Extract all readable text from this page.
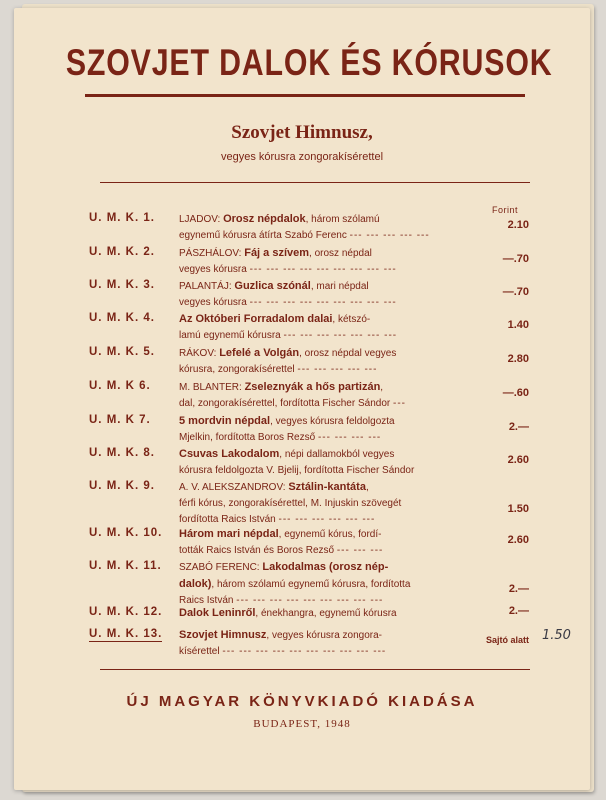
SZOVJET DALOK ÉS KÓRUSOK
Szovjet Himnusz,
vegyes kórusra zongorakísérettel
Forint
U. M. K. 1. LJADOV: Orosz népdalok, három szólamú
egynemű kórusra átírta Szabó Ferenc --- --- --- --- ---
2.10
U. M. K. 2. PÁSZHÁLOV: Fáj a szívem, orosz népdal
vegyes kórusra --- --- --- --- --- --- --- --- ---
—.70
U. M. K. 3. PALANTÁJ: Guzlica szónál, mari népdal
vegyes kórusra --- --- --- --- --- --- --- --- ---
—.70
U. M. K. 4. Az Októberi Forradalom dalai, kétszó-
lamú egynemű kórusra --- --- --- --- --- --- ---
1.40
U. M. K. 5. RÁKOV: Lefelé a Volgán, orosz népdal vegyes
kórusra, zongorakísérettel --- --- --- --- ---
2.80
U. M. K 6.	M. BLANTER: Zseleznyák a hős partizán,
dal, zongorakísérettel, fordította Fischer Sándor ---
—.60
U. M. K 7.	5 mordvin népdal, vegyes kórusra feldolgozta
Mjelkin, fordította Boros Rezső --- --- --- ---
2.—
U. M. K. 8. Csuvas Lakodalom, népi dallamokból vegyes
kórusra feldolgozta V. Bjelij, fordította Fischer Sándor
2.60
U. M. K. 9. A. V. ALEKSZANDROV: Sztálin-kantáta,
férfi kórus, zongorakísérettel, M. Injuskin szövegét
fordította Raics István --- --- --- --- --- ---
1.50
U. M. K. 10. Három mari népdal, egynemű kórus, fordí-
tották Raics István és Boros Rezső --- --- ---
2.60
U. M. K. 11. SZABÓ FERENC: Lakodalmas (orosz nép-
dalok), három szólamú egynemű kórusra, fordította
Raics István --- --- --- --- --- --- --- --- ---
2.—
U. M. K. 12. Dalok Leninről, énekhangra, egynemű kórusra	2.—
U. M. K. 13. Szovjet Himnusz, vegyes kórusra zongora-
kísérettel --- --- --- --- --- --- --- --- --- ---
Sajtó alatt 1.50
ÚJ MAGYAR KÖNYVKIADÓ KIADÁSA
BUDAPEST, 1948
